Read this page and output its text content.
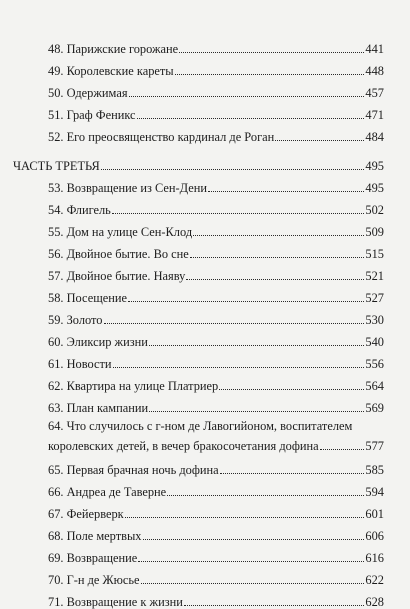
48. Парижские горожане	441
49. Королевские кареты	448
50. Одержимая	457
51. Граф Феникс	471
52. Его преосвященство кардинал де Роган	484
ЧАСТЬ ТРЕТЬЯ	495
53. Возвращение из Сен-Дени	495
54. Флигель	502
55. Дом на улице Сен-Клод	509
56. Двойное бытие. Во сне	515
57. Двойное бытие. Наяву	521
58. Посещение	527
59. Золото	530
60. Эликсир жизни	540
61. Новости	556
62. Квартира на улице Платриер	564
63. План кампании	569
64. Что случилось с г-ном де Лавогийоном, воспитателем
королевских детей, в вечер бракосочетания дофина	577
65. Первая брачная ночь дофина	585
66. Андреа де Таверне	594
67. Фейерверк	601
68. Поле мертвых	606
69. Возвращение	616
70. Г-н де Жюсье	622
71. Возвращение к жизни	628
